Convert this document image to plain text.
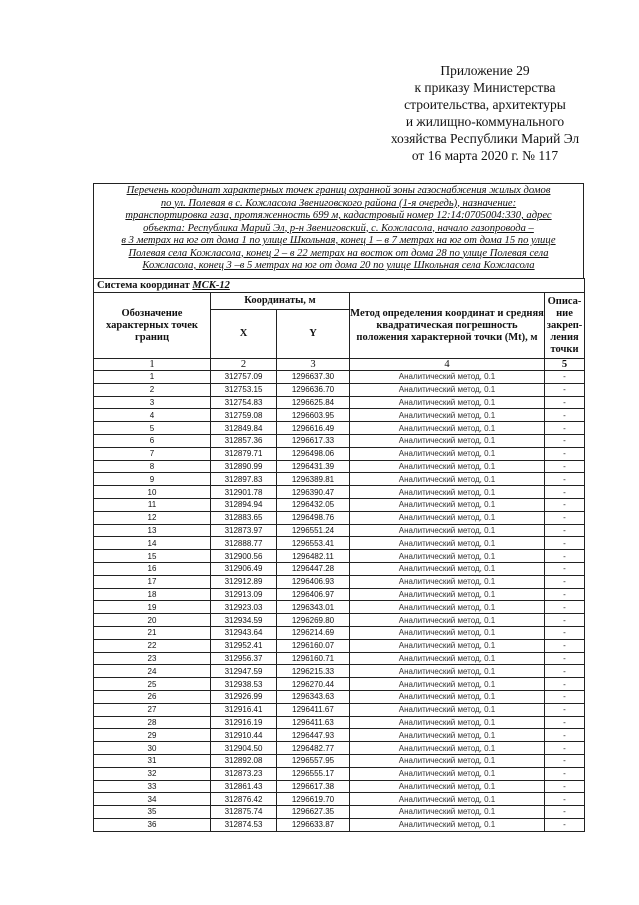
Приложение 29
к приказу Министерства
строительства, архитектуры
и жилищно-коммунального
хозяйства Республики Марий Эл
от 16 марта 2020 г. № 117
Перечень координат характерных точек границ охранной зоны газоснабжения жилых домов
по ул. Полевая в с. Кожласола Звениговского района (1-я очередь), назначение:
транспортировка газа, протяженность 699 м, кадастровый номер 12:14:0705004:330, адрес
объекта: Республика Марий Эл, р-н Звениговский, с. Кожласола, начало газопровода –
в 3 метрах на юг от дома 1 по улице Школьная, конец 1 – в 7 метрах на юг от дома 15 по улице
Полевая села Кожласола, конец 2 – в 22 метрах на восток от дома 28 по улице Полевая села
Кожласола, конец 3 –в 5 метрах на юг от дома 20 по улице Школьная села Кожласола
Система координат МСК-12				
Обозначение характерных точек границ	Координаты, м		Метод определения координат и средняя квадратическая погрешность положения характерной точки (Mt), м	Описа-ние закреп-ления точки
	X	Y		
1	2	3	4	5
1	312757.09	1296637.30	Аналитический метод, 0.1	-
2	312753.15	1296636.70	Аналитический метод, 0.1	-
3	312754.83	1296625.84	Аналитический метод, 0.1	-
4	312759.08	1296603.95	Аналитический метод, 0.1	-
5	312849.84	1296616.49	Аналитический метод, 0.1	-
6	312857.36	1296617.33	Аналитический метод, 0.1	-
7	312879.71	1296498.06	Аналитический метод, 0.1	-
8	312890.99	1296431.39	Аналитический метод, 0.1	-
9	312897.83	1296389.81	Аналитический метод, 0.1	-
10	312901.78	1296390.47	Аналитический метод, 0.1	-
11	312894.94	1296432.05	Аналитический метод, 0.1	-
12	312883.65	1296498.76	Аналитический метод, 0.1	-
13	312873.97	1296551.24	Аналитический метод, 0.1	-
14	312888.77	1296553.41	Аналитический метод, 0.1	-
15	312900.56	1296482.11	Аналитический метод, 0.1	-
16	312906.49	1296447.28	Аналитический метод, 0.1	-
17	312912.89	1296406.93	Аналитический метод, 0.1	-
18	312913.09	1296406.97	Аналитический метод, 0.1	-
19	312923.03	1296343.01	Аналитический метод, 0.1	-
20	312934.59	1296269.80	Аналитический метод, 0.1	-
21	312943.64	1296214.69	Аналитический метод, 0.1	-
22	312952.41	1296160.07	Аналитический метод, 0.1	-
23	312956.37	1296160.71	Аналитический метод, 0.1	-
24	312947.59	1296215.33	Аналитический метод, 0.1	-
25	312938.53	1296270.44	Аналитический метод, 0.1	-
26	312926.99	1296343.63	Аналитический метод, 0.1	-
27	312916.41	1296411.67	Аналитический метод, 0.1	-
28	312916.19	1296411.63	Аналитический метод, 0.1	-
29	312910.44	1296447.93	Аналитический метод, 0.1	-
30	312904.50	1296482.77	Аналитический метод, 0.1	-
31	312892.08	1296557.95	Аналитический метод, 0.1	-
32	312873.23	1296555.17	Аналитический метод, 0.1	-
33	312861.43	1296617.38	Аналитический метод, 0.1	-
34	312876.42	1296619.70	Аналитический метод, 0.1	-
35	312875.74	1296627.35	Аналитический метод, 0.1	-
36	312874.53	1296633.87	Аналитический метод, 0.1	-
